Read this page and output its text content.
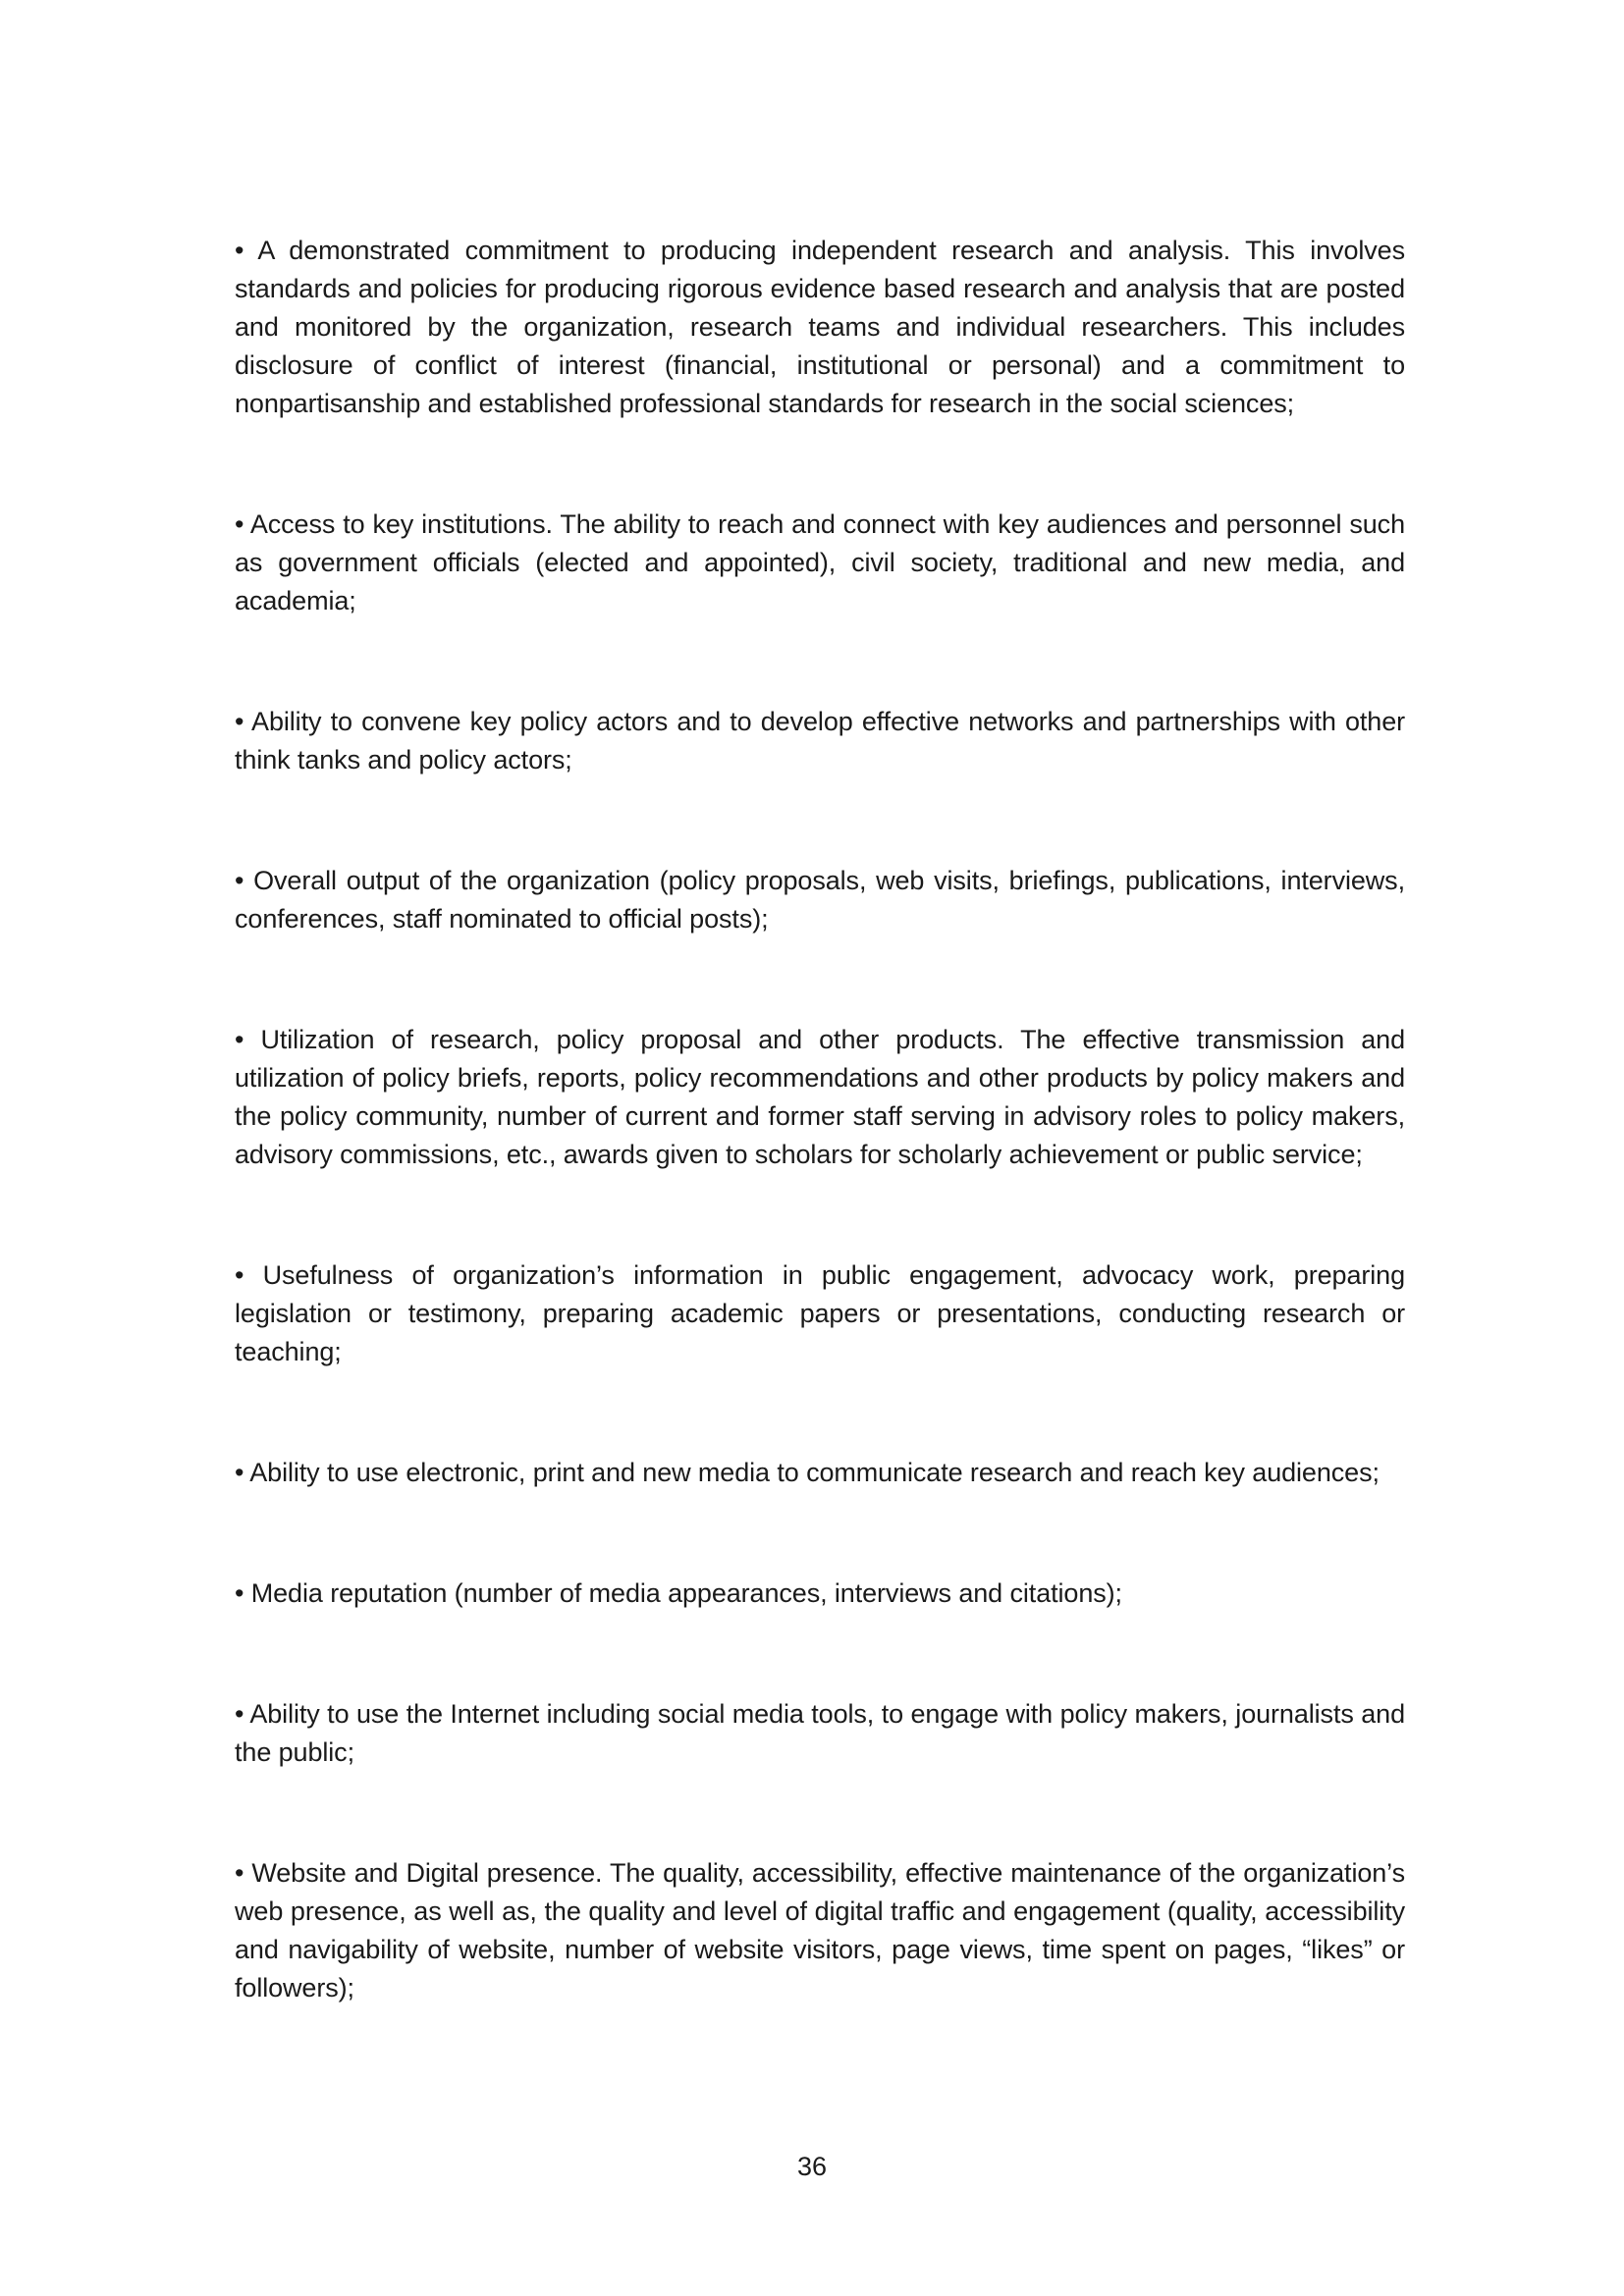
• A demonstrated commitment to producing independent research and analysis. This involves standards and policies for producing rigorous evidence based research and analysis that are posted and monitored by the organization, research teams and individual researchers. This includes disclosure of conflict of interest (financial, institutional or personal) and a commitment to nonpartisanship and established professional standards for research in the social sciences;

• Access to key institutions. The ability to reach and connect with key audiences and personnel such as government officials (elected and appointed), civil society, traditional and new media, and academia;

• Ability to convene key policy actors and to develop effective networks and partnerships with other think tanks and policy actors;

• Overall output of the organization (policy proposals, web visits, briefings, publications, interviews, conferences, staff nominated to official posts);

• Utilization of research, policy proposal and other products. The effective transmission and utilization of policy briefs, reports, policy recommendations and other products by policy makers and the policy community, number of current and former staff serving in advisory roles to policy makers, advisory commissions, etc., awards given to scholars for scholarly achievement or public service;

• Usefulness of organization’s information in public engagement, advocacy work, preparing legislation or testimony, preparing academic papers or presentations, conducting research or teaching;

• Ability to use electronic, print and new media to communicate research and reach key audiences;

• Media reputation (number of media appearances, interviews and citations);

• Ability to use the Internet including social media tools, to engage with policy makers, journalists and the public;

• Website and Digital presence. The quality, accessibility, effective maintenance of the organization’s web presence, as well as, the quality and level of digital traffic and engagement (quality, accessibility and navigability of website, number of website visitors, page views, time spent on pages, “likes” or followers);

36
